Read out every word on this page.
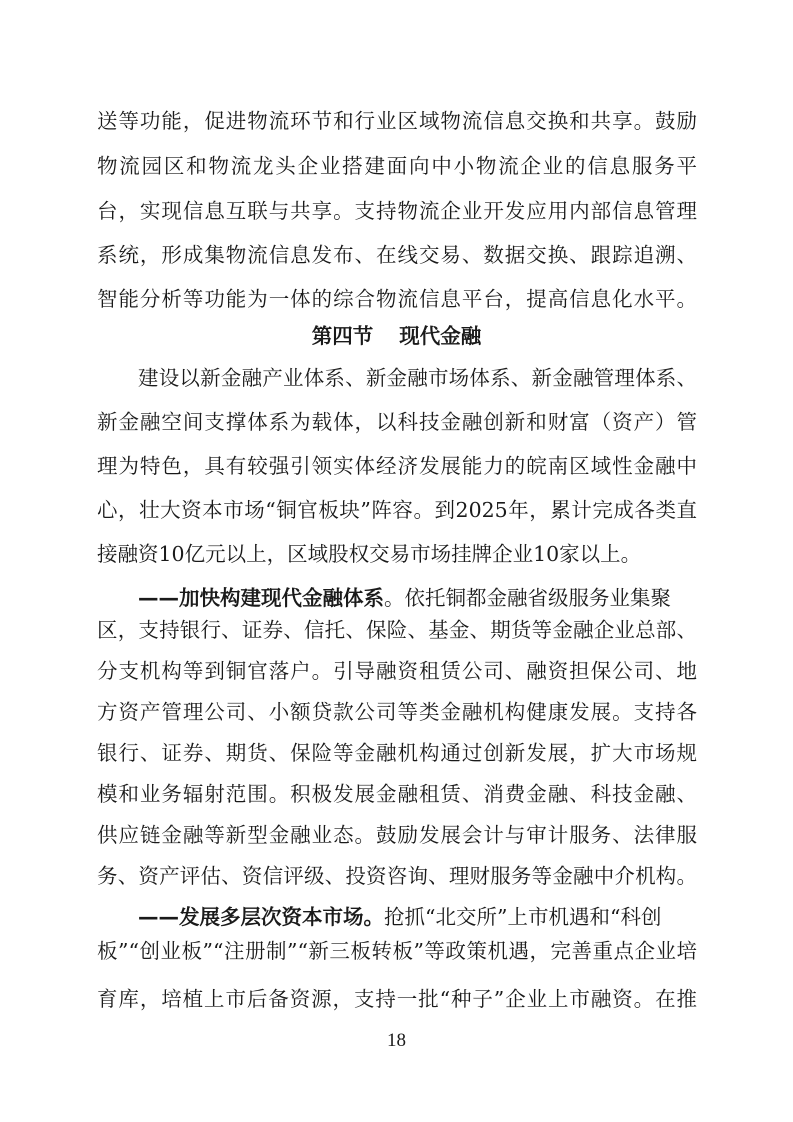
送等功能，促进物流环节和行业区域物流信息交换和共享。鼓励
物流园区和物流龙头企业搭建面向中小物流企业的信息服务平
台，实现信息互联与共享。支持物流企业开发应用内部信息管理
系统，形成集物流信息发布、在线交易、数据交换、跟踪追溯、
智能分析等功能为一体的综合物流信息平台，提高信息化水平。
第四节 现代金融
建设以新金融产业体系、新金融市场体系、新金融管理体系、
新金融空间支撑体系为载体，以科技金融创新和财富（资产）管
理为特色，具有较强引领实体经济发展能力的皖南区域性金融中
心，壮大资本市场“铜官板块”阵容。到2025年，累计完成各类直
接融资10亿元以上，区域股权交易市场挂牌企业10家以上。
——加快构建现代金融体系。依托铜都金融省级服务业集聚
区，支持银行、证券、信托、保险、基金、期货等金融企业总部、
分支机构等到铜官落户。引导融资租赁公司、融资担保公司、地
方资产管理公司、小额贷款公司等类金融机构健康发展。支持各
银行、证券、期货、保险等金融机构通过创新发展，扩大市场规
模和业务辐射范围。积极发展金融租赁、消费金融、科技金融、
供应链金融等新型金融业态。鼓励发展会计与审计服务、法律服
务、资产评估、资信评级、投资咨询、理财服务等金融中介机构。
——发展多层次资本市场。抢抓“北交所”上市机遇和“科创
18
板”“创业板”“注册制”“新三板转板”等政策机遇，完善重点企业培
育库，培植上市后备资源，支持一批“种子”企业上市融资。在推
